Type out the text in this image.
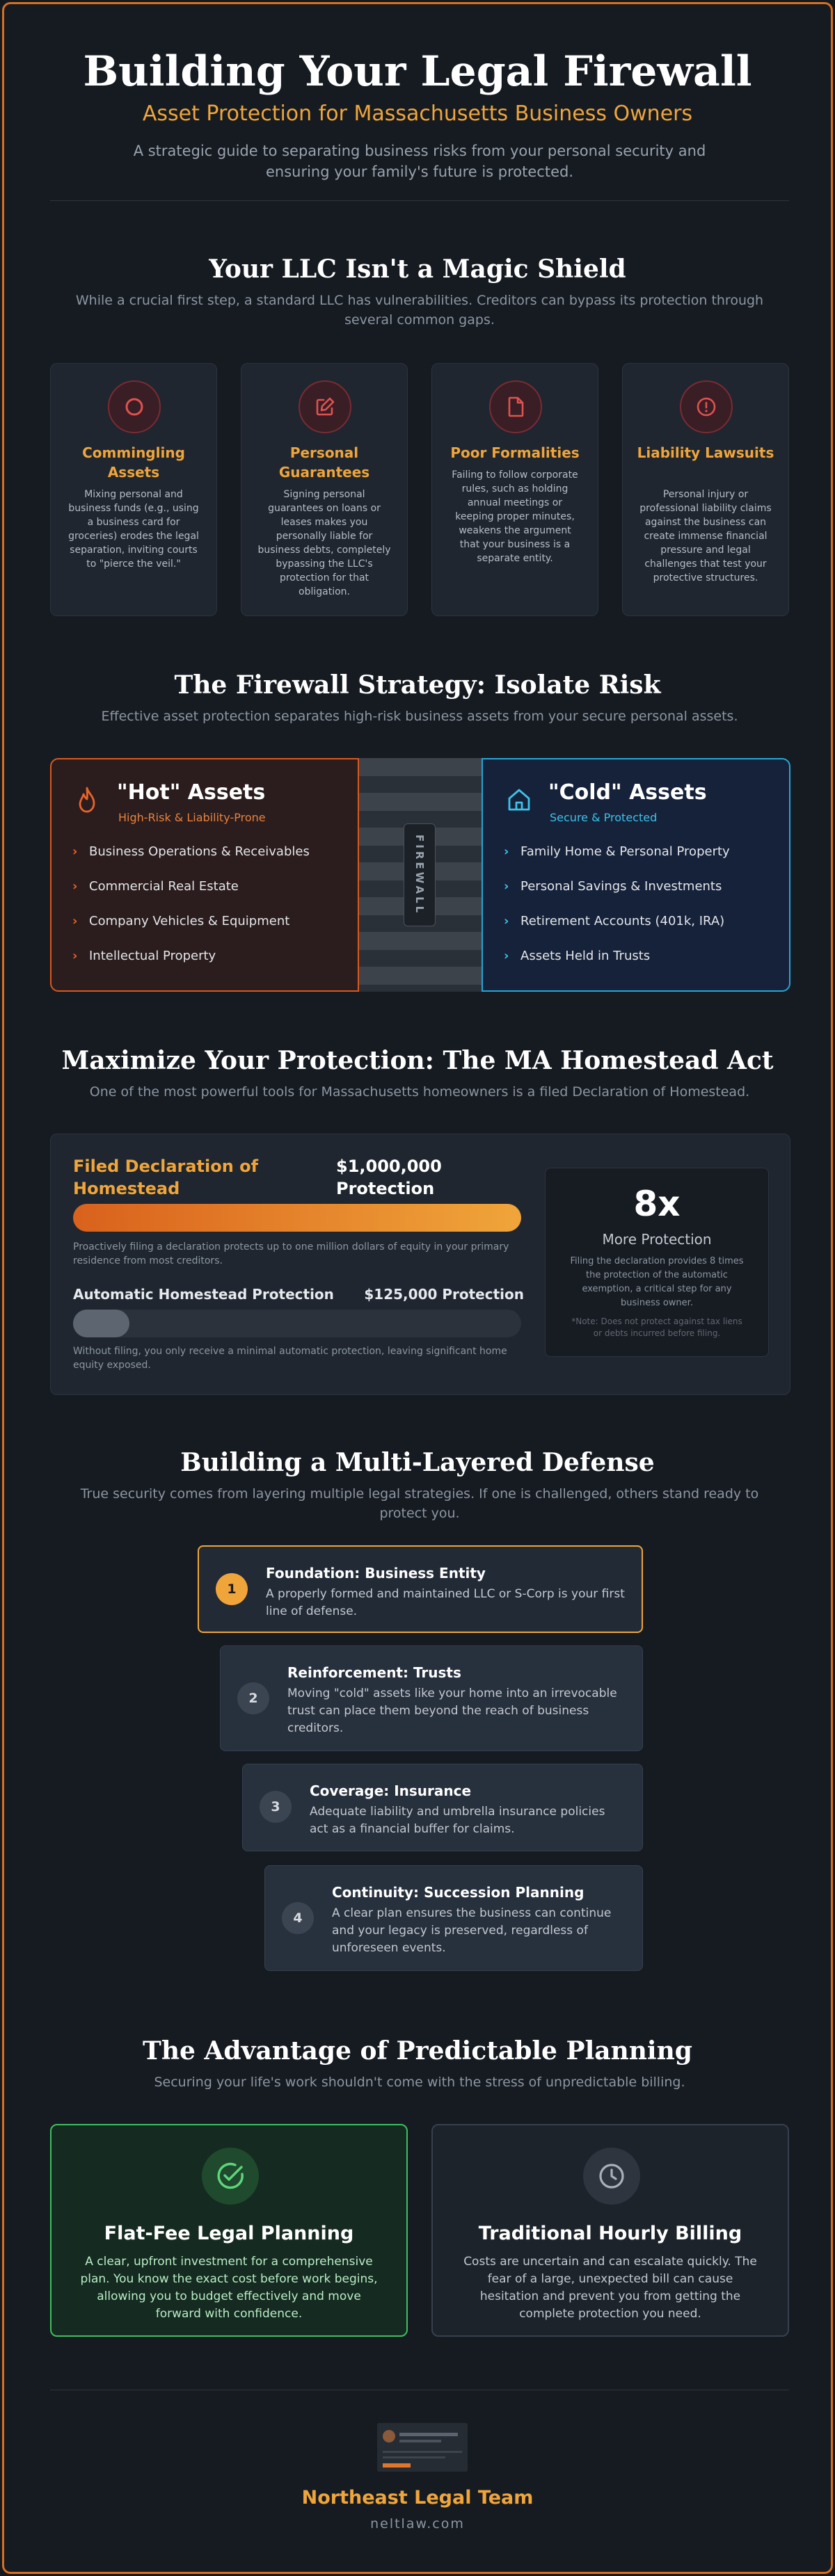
Building Your Legal Firewall
Asset Protection for Massachusetts Business Owners
A strategic guide to separating business risks from your personal security and ensuring your family's future is protected.
Your LLC Isn't a Magic Shield
While a crucial first step, a standard LLC has vulnerabilities. Creditors can bypass its protection through several common gaps.
Commingling Assets
Mixing personal and business funds (e.g., using a business card for groceries) erodes the legal separation, inviting courts to "pierce the veil."
Personal Guarantees
Signing personal guarantees on loans or leases makes you personally liable for business debts, completely bypassing the LLC's protection for that obligation.
Poor Formalities
Failing to follow corporate rules, such as holding annual meetings or keeping proper minutes, weakens the argument that your business is a separate entity.
Liability Lawsuits
Personal injury or professional liability claims against the business can create immense financial pressure and legal challenges that test your protective structures.
The Firewall Strategy: Isolate Risk
Effective asset protection separates high-risk business assets from your secure personal assets.
"Hot" Assets
High-Risk & Liability-Prone
› Business Operations & Receivables
› Commercial Real Estate
› Company Vehicles & Equipment
› Intellectual Property
FIREWALL
"Cold" Assets
Secure & Protected
› Family Home & Personal Property
› Personal Savings & Investments
› Retirement Accounts (401k, IRA)
› Assets Held in Trusts
Maximize Your Protection: The MA Homestead Act
One of the most powerful tools for Massachusetts homeowners is a filed Declaration of Homestead.
Filed Declaration of Homestead
$1,000,000 Protection
Proactively filing a declaration protects up to one million dollars of equity in your primary residence from most creditors.
Automatic Homestead Protection $125,000 Protection
Without filing, you only receive a minimal automatic protection, leaving significant home equity exposed.
8x
More Protection
Filing the declaration provides 8 times the protection of the automatic exemption, a critical step for any business owner.
*Note: Does not protect against tax liens or debts incurred before filing.
Building a Multi-Layered Defense
True security comes from layering multiple legal strategies. If one is challenged, others stand ready to protect you.
1
Foundation: Business Entity
A properly formed and maintained LLC or S-Corp is your first line of defense.
2
Reinforcement: Trusts
Moving "cold" assets like your home into an irrevocable trust can place them beyond the reach of business creditors.
3
Coverage: Insurance
Adequate liability and umbrella insurance policies act as a financial buffer for claims.
4
Continuity: Succession Planning
A clear plan ensures the business can continue and your legacy is preserved, regardless of unforeseen events.
The Advantage of Predictable Planning
Securing your life's work shouldn't come with the stress of unpredictable billing.
Flat-Fee Legal Planning
A clear, upfront investment for a comprehensive plan. You know the exact cost before work begins, allowing you to budget effectively and move forward with confidence.
Traditional Hourly Billing
Costs are uncertain and can escalate quickly. The fear of a large, unexpected bill can cause hesitation and prevent you from getting the complete protection you need.
Northeast Legal Team
neltlaw.com
